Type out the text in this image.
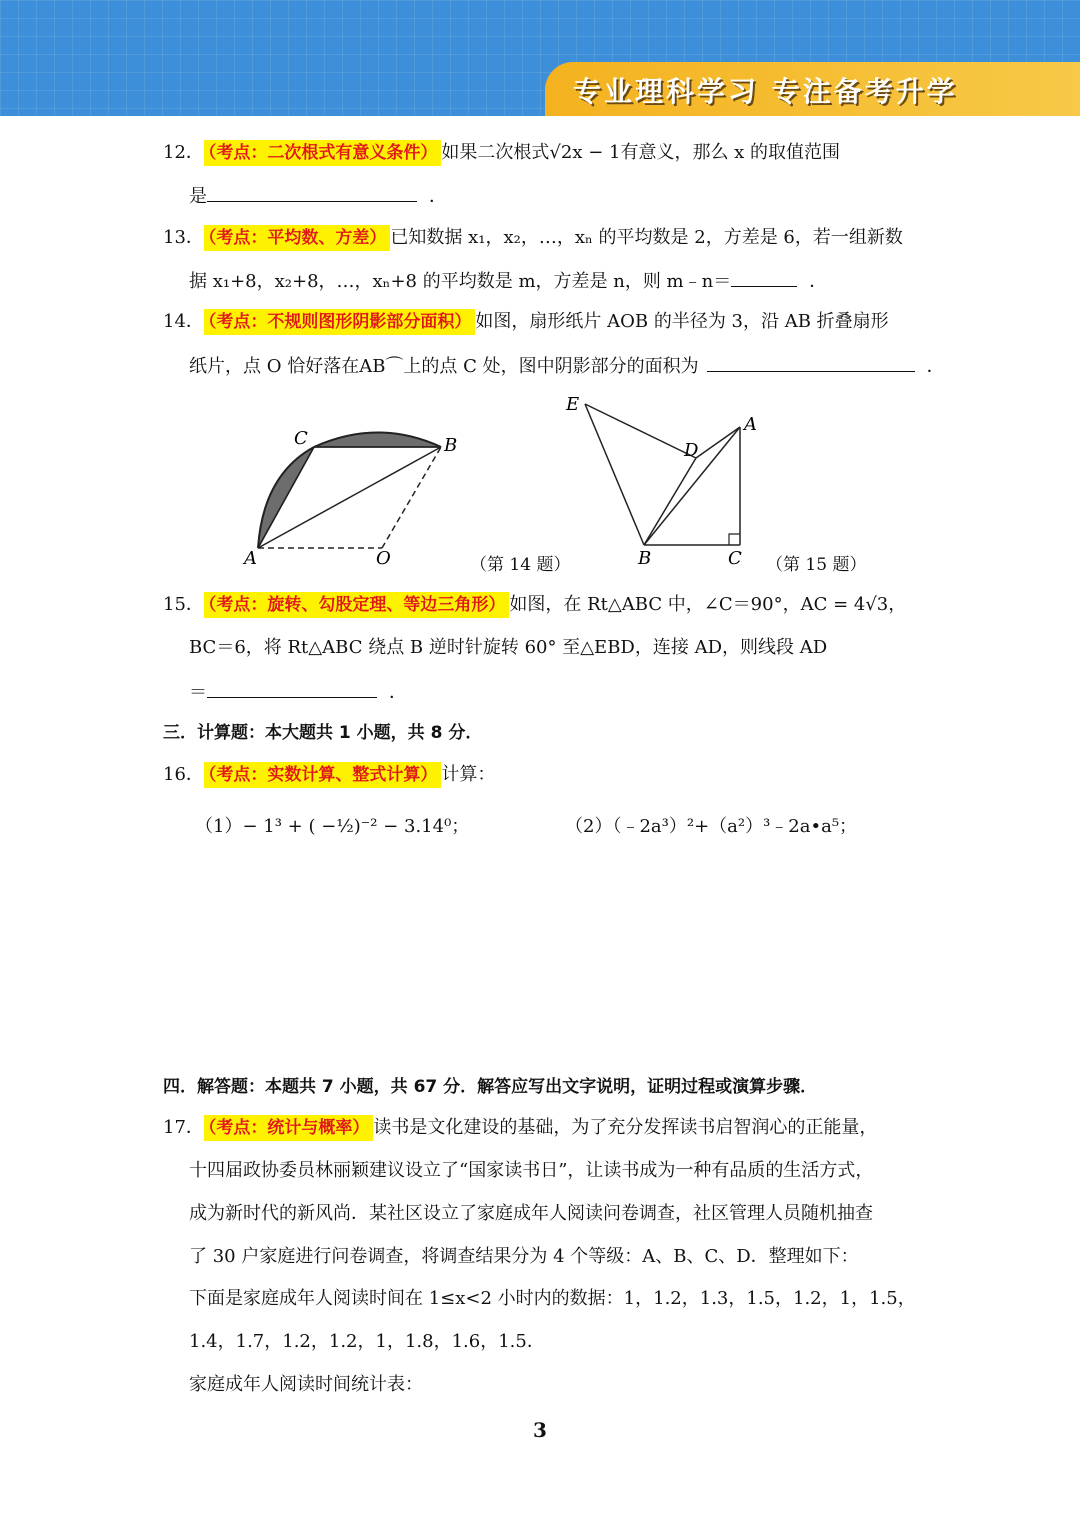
专业理科学习 专注备考升学
12． （考点：二次根式有意义条件） 如果二次根式√2x − 1有意义，那么 x 的取值范围
是	．
13． （考点：平均数、方差） 已知数据 x₁，x₂，…，xₙ 的平均数是 2，方差是 6，若一组新数
据 x₁+8，x₂+8，…，xₙ+8 的平均数是 m，方差是 n，则 m﹣n＝	．
14． （考点：不规则图形阴影部分面积） 如图，扇形纸片 AOB 的半径为 3，沿 AB 折叠扇形
纸片，点 O 恰好落在AB⌒上的点 C 处，图中阴影部分的面积为	．
C	B
A	O	（第 14 题）
E
A
D
B	C （第 15 题）
15． （考点：旋转、勾股定理、等边三角形） 如图，在 Rt△ABC 中，∠C＝90°，AC = 4√3，
BC＝6，将 Rt△ABC 绕点 B 逆时针旋转 60° 至△EBD，连接 AD，则线段 AD
＝	．
三．计算题：本大题共 1 小题，共 8 分．
16． （考点：实数计算、整式计算） 计算：
（1）− 1³ + ( −½)⁻² − 3.14⁰；	（2）（﹣2a³）²+（a²）³﹣2a•a⁵；
四．解答题：本题共 7 小题，共 67 分．解答应写出文字说明，证明过程或演算步骤．
17． （考点：统计与概率） 读书是文化建设的基础，为了充分发挥读书启智润心的正能量，
十四届政协委员林丽颖建议设立了“国家读书日”，让读书成为一种有品质的生活方式，
成为新时代的新风尚．某社区设立了家庭成年人阅读问卷调查，社区管理人员随机抽查
了 30 户家庭进行问卷调查，将调查结果分为 4 个等级：A、B、C、D．整理如下：
下面是家庭成年人阅读时间在 1≤x<2 小时内的数据：1，1.2，1.3，1.5，1.2，1，1.5，
1.4，1.7，1.2，1.2，1，1.8，1.6，1.5．
家庭成年人阅读时间统计表：
3
